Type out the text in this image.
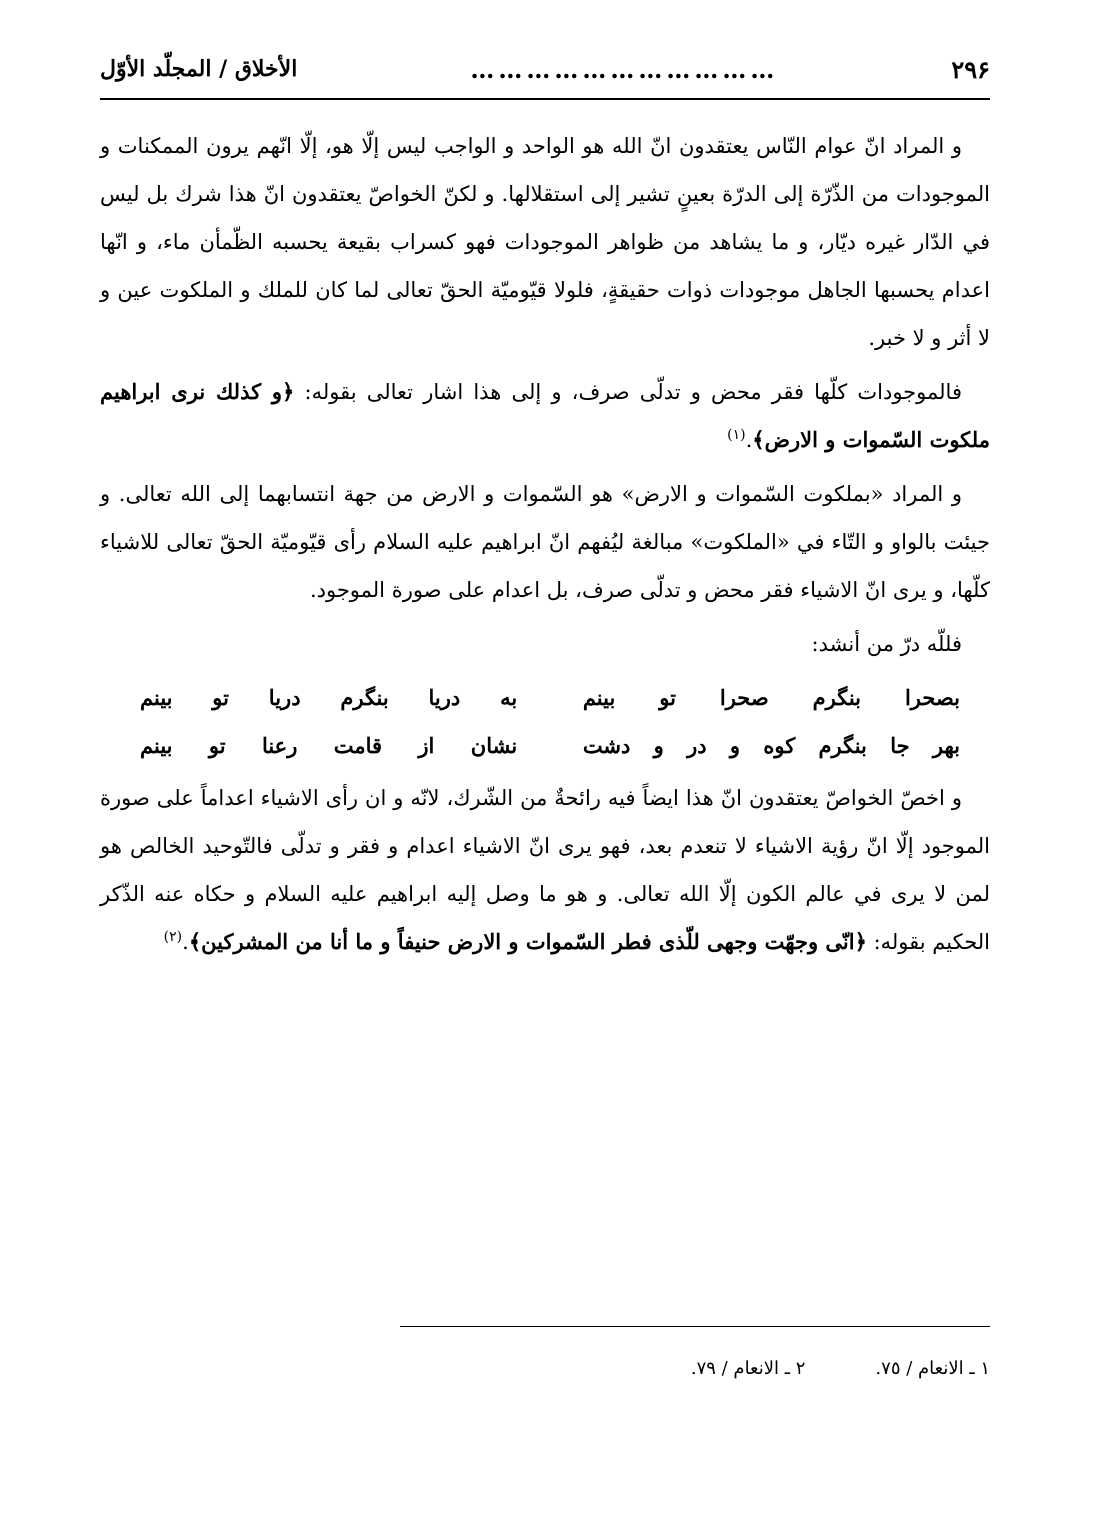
٢٩۶
……………………………
الأخلاق / المجلّد الأوّل

و المراد انّ عوام النّاس يعتقدون انّ الله هو الواحد و الواجب ليس إلّا هو، إلّا انّهم يرون الممكنات و الموجودات من الذّرّة إلى الدرّة بعينٍ تشير إلى استقلالها. و لكنّ الخواصّ يعتقدون انّ هذا شرك بل ليس في الدّار غيره ديّار، و ما يشاهد من ظواهر الموجودات فهو كسراب بقيعة يحسبه الظّمأن ماء، و انّها اعدام يحسبها الجاهل موجودات ذوات حقيقةٍ، فلولا قيّوميّة الحقّ تعالى لما كان للملك و الملكوت عين و لا أثر و لا خبر.

فالموجودات كلّها فقر محض و تدلّى صرف، و إلى هذا اشار تعالى بقوله: ﴿و كذلك نرى ابراهيم ملكوت السّموات و الارض﴾.$^{(١)}$

و المراد «بملكوت السّموات و الارض» هو السّموات و الارض من جهة انتسابهما إلى الله تعالى. و جيئت بالواو و التّاء في «الملكوت» مبالغة ليُفهم انّ ابراهيم عليه السلام رأى قيّوميّة الحقّ تعالى للاشياء كلّها، و يرى انّ الاشياء فقر محض و تدلّى صرف، بل اعدام على صورة الموجود.

فللّه درّ من أنشد:

بصحرا بنگرم صحرا تو بينم
به دريا بنگرم دريا تو بينم
بهر جا بنگرم كوه و در و دشت
نشان از قامت رعنا تو بينم

و اخصّ الخواصّ يعتقدون انّ هذا ايضاً فيه رائحةٌ من الشّرك، لانّه و ان رأى الاشياء اعداماً على صورة الموجود إلّا انّ رؤية الاشياء لا تنعدم بعد، فهو يرى انّ الاشياء اعدام و فقر و تدلّى فالتّوحيد الخالص هو لمن لا يرى في عالم الكون إلّا الله تعالى. و هو ما وصل إليه ابراهيم عليه السلام و حكاه عنه الذّكر الحكيم بقوله: ﴿انّى وجهّت وجهى للّذى فطر السّموات و الارض حنيفاً و ما أنا من المشركين﴾.$^{(٢)}$

١ ـ الانعام / ٧٥.
٢ ـ الانعام / ٧٩.
